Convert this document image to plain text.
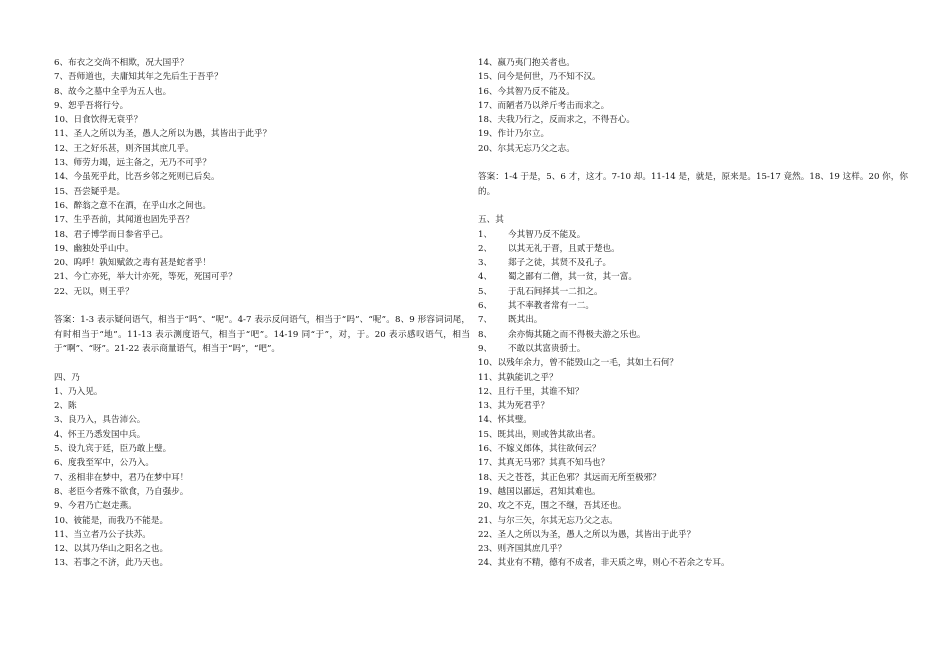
6、布衣之交尚不相欺，况大国乎？
7、吾师道也，夫庸知其年之先后生于吾乎？
8、故今之墓中全乎为五人也。
9、恕乎吾将行兮。
10、日食饮得无衰乎？
11、圣人之所以为圣，愚人之所以为愚，其皆出于此乎？
12、王之好乐甚，则齐国其庶几乎。
13、师劳力竭，远主备之，无乃不可乎？
14、今虽死乎此，比吾乡邻之死则已后矣。
15、吾尝疑乎是。
16、醉翁之意不在酒，在乎山水之间也。
17、生乎吾前，其闻道也固先乎吾？
18、君子博学而日参省乎己。
19、幽独处乎山中。
20、呜呼！孰知赋敛之毒有甚是蛇者乎！
21、今亡亦死，举大计亦死，等死，死国可乎？
22、无以，则王乎？
答案：1-3 表示疑问语气，相当于“吗”、“呢”。4-7 表示反问语气，相当于“吗”、“呢”。8、9 形容词词尾，有时相当于“地”。11-13 表示测度语气，相当于“吧”。14-19 同“于”，对，于。20 表示感叹语气，相当于“啊”、“呀”。21-22 表示商量语气，相当于“吗”，“吧”。
四、乃
1、乃入见。
2、陈
3、良乃入，具告沛公。
4、怀王乃悉发国中兵。
5、设九宾于廷，臣乃敢上璧。
6、度我至军中，公乃入。
7、丞相非在梦中，君乃在梦中耳！
8、老臣今者殊不欲食，乃自强步。
9、今君乃亡赵走燕。
10、彼能是，而我乃不能是。
11、当立者乃公子扶苏。
12、以其乃华山之阳名之也。
13、若事之不济，此乃天也。
14、嬴乃夷门抱关者也。
15、问今是何世，乃不知不汉。
16、今其智乃反不能及。
17、而陋者乃以斧斤考击而求之。
18、夫我乃行之，反而求之，不得吾心。
19、作计乃尔立。
20、尔其无忘乃父之志。
答案：1-4 于是，5、6 才，这才。7-10 却。11-14 是，就是，原来是。15-17 竟然。18、19 这样。20 你，你的。
五、其
1、 今其智乃反不能及。
2、 以其无礼于晋，且贰于楚也。
3、 郯子之徒，其贤不及孔子。
4、 蜀之鄙有二僧，其一贫，其一富。
5、 于乱石间择其一二扣之。
6、 其不率教者常有一二。
7、 既其出。
8、 余亦悔其随之而不得极夫游之乐也。
9、 不敢以其富贵骄士。
10、以残年余力，曾不能毁山之一毛，其如土石何？
11、其孰能讥之乎？
12、且行千里，其谁不知？
13、其为死君乎？
14、怀其璧。
15、既其出，则或咎其欲出者。
16、不嫁义郎体，其往欲何云？
17、其真无马邪？其真不知马也？
18、天之苍苍，其正色邪？其远而无所至极邪？
19、越国以鄙远，君知其难也。
20、攻之不克，围之不继，吾其还也。
21、与尔三矢，尔其无忘乃父之志。
22、圣人之所以为圣，愚人之所以为愚，其皆出于此乎？
23、则齐国其庶几乎？
24、其业有不精，德有不成者，非天质之卑，则心不若余之专耳。
